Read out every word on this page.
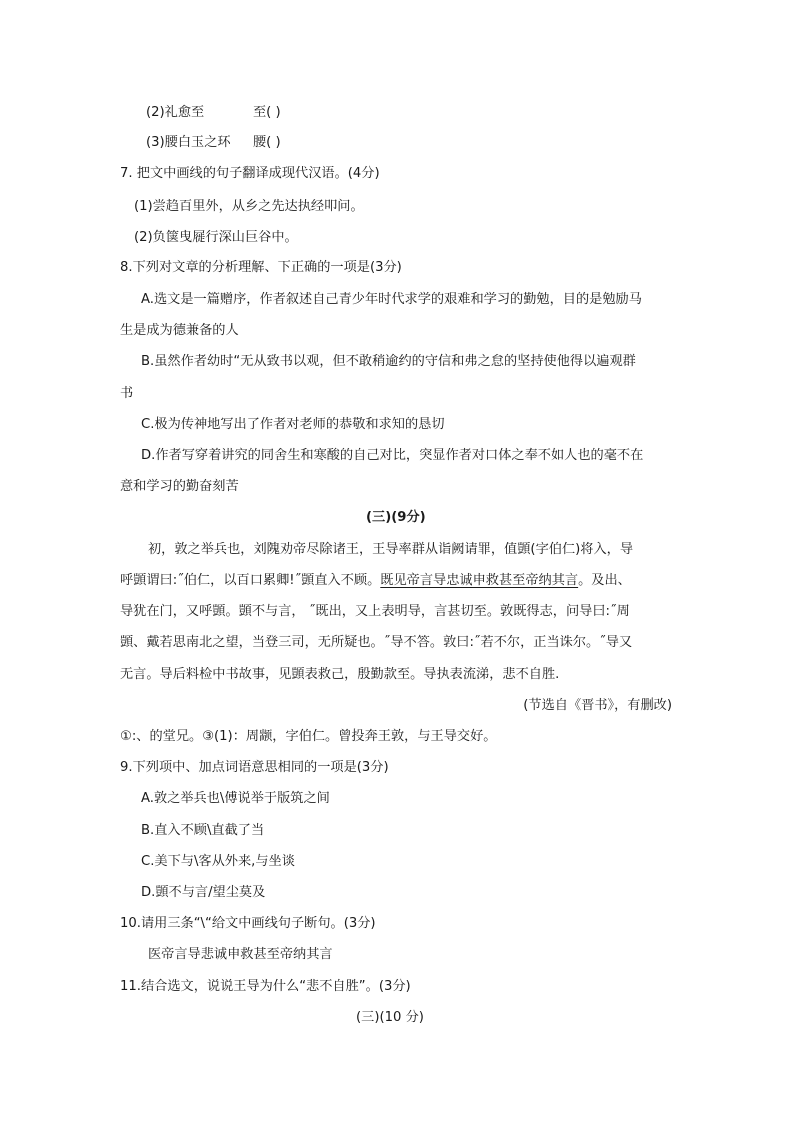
(2)礼愈至	至( )
(3)腰白玉之环 腰( )
7. 把文中画线的句子翻译成现代汉语。(4分)
(1)尝趋百里外，从乡之先达执经叩问。
(2)负箧曳屣行深山巨谷中。
8.下列对文章的分析理解、下正确的一项是(3分)
A.选文是一篇赠序，作者叙述自己青少年时代求学的艰难和学习的勤勉，目的是勉励马
生是成为德兼备的人
B.虽然作者幼时“无从致书以观，但不敢稍逾约的守信和弗之怠的坚持使他得以遍观群
书
C.极为传神地写出了作者对老师的恭敬和求知的恳切
D.作者写穿着讲究的同舍生和寒酸的自己对比，突显作者对口体之奉不如人也的毫不在
意和学习的勤奋刻苦
(三)(9分)
初，敦之举兵也，刘隗劝帝尽除诸王，王导率群从诣阙请罪，值顗(字伯仁)将入，导
呼顗谓曰:˝伯仁，以百口累卿!˝顗直入不顾。既见帝言导忠诚申救甚至帝纳其言。及出、
导犹在门，又呼顗。顗不与言， ˝既出，又上表明导，言甚切至。敦既得志，问导曰:˝周
顗、戴若思南北之望，当登三司，无所疑也。˝导不答。敦曰:˝若不尔，正当诛尔。˝导又
无言。导后料检中书故事，见顗表救己，殷勤款至。导执表流涕，悲不自胜.
(节选自《晋书》，有删改)
①:、的堂兄。③(1)：周颛，字伯仁。曾投奔王敦，与王导交好。
9.下列项中、加点词语意思相同的一项是(3分)
A.敦之举兵也\傅说举于版筑之间
B.直入不顾\直截了当
C.美下与\客从外来,与坐谈
D.顗不与言/望尘莫及
10.请用三条“\“给文中画线句子断句。(3分)
医帝言导悲诚申救甚至帝纳其言
11.结合选文，说说王导为什么“悲不自胜”。(3分)
(三)(10 分)
